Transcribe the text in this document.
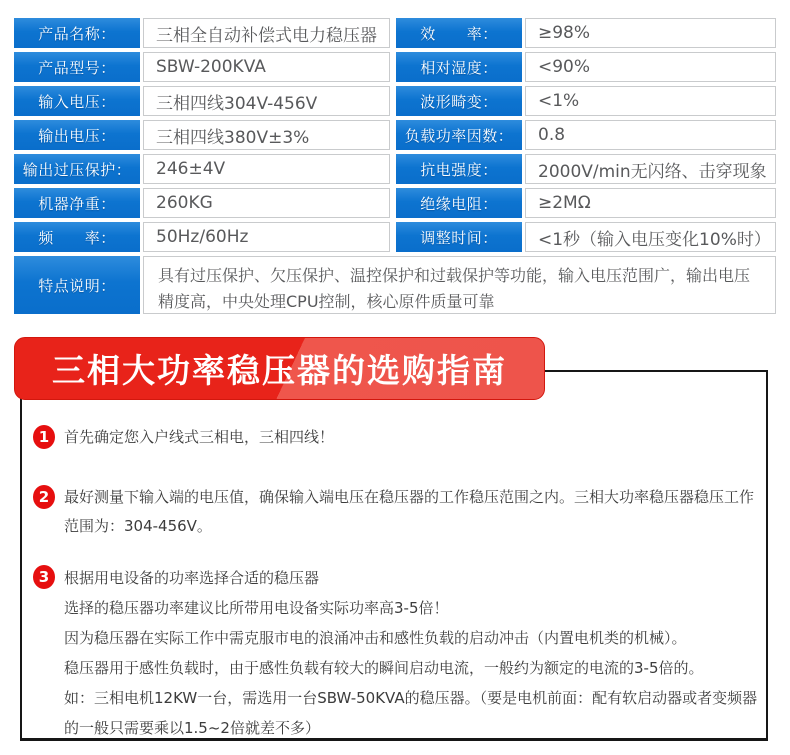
产品名称：	三相全自动补偿式电力稳压器	效　　率：	≥98%
产品型号：	SBW-200KVA	相对湿度：	<90%
输入电压：	三相四线304V-456V	波形畸变：	<1%
输出电压：	三相四线380V±3%	负载功率因数：	0.8
输出过压保护：	246±4V	抗电强度：	2000V/min无闪络、击穿现象
机器净重：	260KG	绝缘电阻：	≥2MΩ
频　　率：	50Hz/60Hz	调整时间：	<1秒（输入电压变化10%时）
特点说明：
具有过压保护、欠压保护、温控保护和过载保护等功能，输入电压范围广，输出电压精度高，中央处理CPU控制，核心原件质量可靠
1 首先确定您入户线式三相电，三相四线！
2 最好测量下输入端的电压值，确保输入端电压在稳压器的工作稳压范围之内。三相大功率稳压器稳压工作范围为：304-456V。
3 根据用电设备的功率选择合适的稳压器
选择的稳压器功率建议比所带用电设备实际功率高3-5倍！
因为稳压器在实际工作中需克服市电的浪涌冲击和感性负载的启动冲击（内置电机类的机械）。
稳压器用于感性负载时，由于感性负载有较大的瞬间启动电流，一般约为额定的电流的3-5倍的。
如：三相电机12KW一台，需选用一台SBW-50KVA的稳压器。（要是电机前面：配有软启动器或者变频器的一般只需要乘以1.5~2倍就差不多）
三相大功率稳压器的选购指南
